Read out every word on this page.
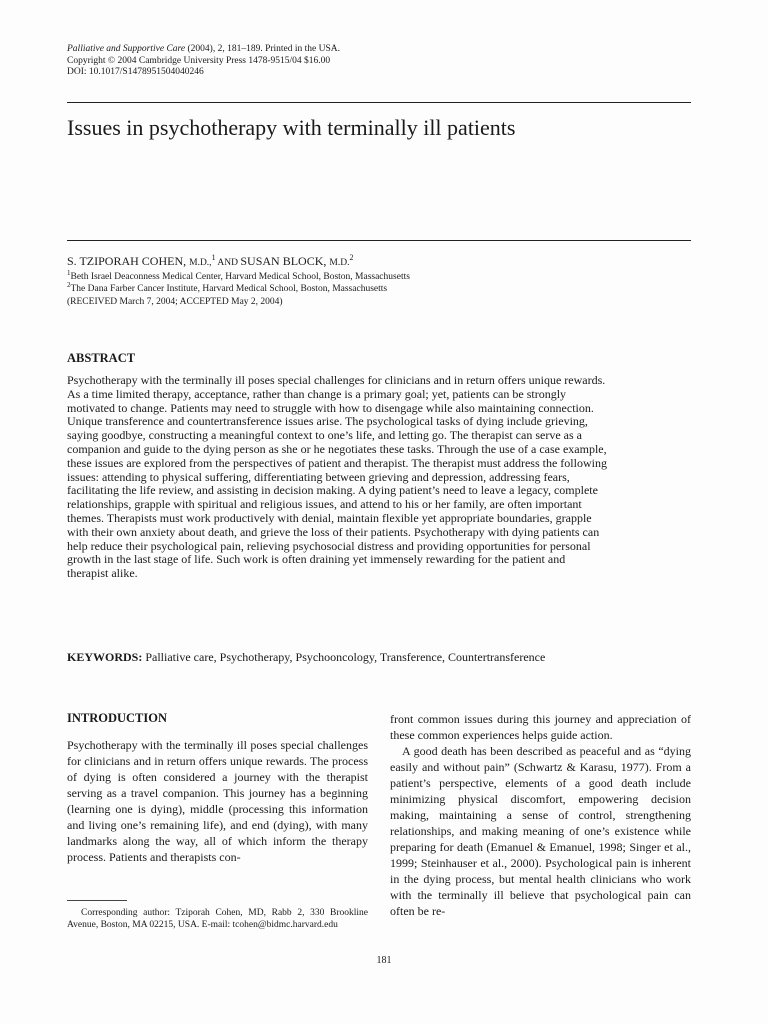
Palliative and Supportive Care (2004), 2, 181–189. Printed in the USA.
Copyright © 2004 Cambridge University Press 1478-9515/04 $16.00
DOI: 10.1017/S1478951504040246
Issues in psychotherapy with terminally ill patients
S. TZIPORAH COHEN, M.D.,$^1$ AND SUSAN BLOCK, M.D.$^2$
$^1$Beth Israel Deaconness Medical Center, Harvard Medical School, Boston, Massachusetts
$^2$The Dana Farber Cancer Institute, Harvard Medical School, Boston, Massachusetts
(RECEIVED March 7, 2004; ACCEPTED May 2, 2004)
ABSTRACT

Psychotherapy with the terminally ill poses special challenges for clinicians and in return offers unique rewards. As a time limited therapy, acceptance, rather than change is a primary goal; yet, patients can be strongly motivated to change. Patients may need to struggle with how to disengage while also maintaining connection. Unique transference and countertransference issues arise. The psychological tasks of dying include grieving, saying goodbye, constructing a meaningful context to one’s life, and letting go. The therapist can serve as a companion and guide to the dying person as she or he negotiates these tasks. Through the use of a case example, these issues are explored from the perspectives of patient and therapist. The therapist must address the following issues: attending to physical suffering, differentiating between grieving and depression, addressing fears, facilitating the life review, and assisting in decision making. A dying patient’s need to leave a legacy, complete relationships, grapple with spiritual and religious issues, and attend to his or her family, are often important themes. Therapists must work productively with denial, maintain flexible yet appropriate boundaries, grapple with their own anxiety about death, and grieve the loss of their patients. Psychotherapy with dying patients can help reduce their psychological pain, relieving psychosocial distress and providing opportunities for personal growth in the last stage of life. Such work is often draining yet immensely rewarding for the patient and therapist alike.

KEYWORDS: Palliative care, Psychotherapy, Psychooncology, Transference, Countertransference
INTRODUCTION

Psychotherapy with the terminally ill poses special challenges for clinicians and in return offers unique rewards. The process of dying is often considered a journey with the therapist serving as a travel companion. This journey has a beginning (learning one is dying), middle (processing this information and living one’s remaining life), and end (dying), with many landmarks along the way, all of which inform the therapy process. Patients and therapists con-

front common issues during this journey and appreciation of these common experiences helps guide action.

A good death has been described as peaceful and as “dying easily and without pain” (Schwartz & Karasu, 1977). From a patient’s perspective, elements of a good death include minimizing physical discomfort, empowering decision making, maintaining a sense of control, strengthening relationships, and making meaning of one’s existence while preparing for death (Emanuel & Emanuel, 1998; Singer et al., 1999; Steinhauser et al., 2000). Psychological pain is inherent in the dying process, but mental health clinicians who work with the terminally ill believe that psychological pain can often be re-

Corresponding author: Tziporah Cohen, MD, Rabb 2, 330 Brookline Avenue, Boston, MA 02215, USA. E-mail: tcohen@bidmc.harvard.edu

181
